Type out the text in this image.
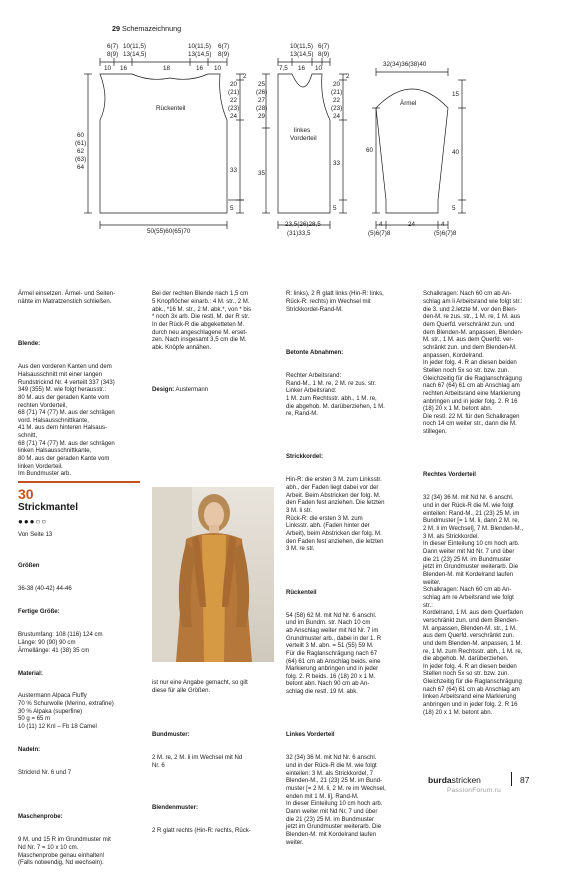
29 Schemazeichnung
6(7)
8(9)
10(11,5)
13(14,5)
10(11,5)
13(14,5)
6(7)
8(9)
10 16	18	16 10
2
20
(21)
22
(23)
24
33
5
Rückenteil
60
(61)
62
(63)
64
50(55)60(65)70
10(11,5)
13(14,5)
6(7)
8(9)
7,5 16 10
25
(26)
27
(28)
29
35
2
20
(21)
22
(23)
24
33
5
linkes
Vorderteil
23,5(26)28,5
(31)33,5
32(34)36(38)40
Ärmel
15
40
5
60
4	24	4
(5)6(7)8	(5)6(7)8

Ärmel einsetzen. Ärmel- und Seiten-
nähte im Matratzenstich schließen.

Blende:

Aus den vorderen Kanten und dem
Halsausschnitt mit einer langen
Rundstricknd Nr. 4 verteilt 337 (343)
349 (355) M. wie folgt herausstr.:
80 M. aus der geraden Kante vom
rechten Vorderteil,
68 (71) 74 (77) M. aus der schrägen
vord. Halsausschnittkante,
41 M. aus dem hinteren Halsaus-
schnitt,
68 (71) 74 (77) M. aus der schrägen
linken Halsausschnittkante,
80 M. aus der geraden Kante vom
linken Vorderteil.
Im Bundmuster arb.

Bei der rechten Blende nach 1,5 cm
5 Knopflöcher einarb.: 4 M. str., 2 M.
abk., *16 M. str., 2 M. abk.*, von * bis
* noch 3x arb. Die restl. M. der R str.
In der Rück-R die abgeketteten M.
durch neu angeschlagene M. erset-
zen. Nach insgesamt 3,5 cm die M.
abk. Knöpfe annähen.

Design: Austermann

30
Strickmantel
●●●○○
Von Seite 13

Größen

36-38 (40-42) 44-46

Fertige Größe:

Brustumfang: 108 (116) 124 cm
Länge: 90 (90) 90 cm
Ärmellänge: 41 (38) 35 cm

Material:

Austermann Alpaca Fluffy
70 % Schurwolle (Merino, extrafine)
30 % Alpaka (superfine)
50 g = 65 m
10 (11) 12 Knl – Fb 18 Camel

Nadeln:

Stricknd Nr. 6 und 7

Maschenprobe:

9 M. und 15 R im Grundmuster mit
Nd Nr. 7 = 10 x 10 cm.
Maschenprobe genau einhalten!
(Falls notwendig, Nd wechseln).

ist nur eine Angabe gemacht, so gilt
diese für alle Größen.

Bundmuster:

2 M. re, 2 M. li im Wechsel mit Nd
Nr. 6

Blendenmuster:

2 R glatt rechts (Hin-R: rechts, Rück-

R: links), 2 R glatt links (Hin-R: links,
Rück-R: rechts) im Wechsel mit
Strickkordel-Rand-M.

Betonte Abnahmen:

Rechter Arbeitsrand:
Rand-M., 1 M. re, 2 M. re zus. str.
Linker Arbeitsrand:
1 M. zum Rechtsstr. abh., 1 M. re,
die abgehob. M. darüberziehen, 1 M.
re, Rand-M.

Strickkordel:

Hin-R: die ersten 3 M. zum Linksstr.
abh., der Faden liegt dabei vor der
Arbeit. Beim Abstricken der folg. M.
den Faden fest anziehen. Die letzten
3 M. li str.
Rück-R: die ersten 3 M. zum
Linksstr. abh. (Faden hinter der
Arbeit), beim Abstricken der folg. M.
den Faden fest anziehen, die letzten
3 M. re str.

Rückenteil

54 (58) 62 M. mit Nd Nr. 6 anschl.
und im Bundm. str. Nach 10 cm
ab Anschlag weiter mit Nd Nr. 7 im
Grundmuster arb., dabei in der 1. R
verteilt 3 M. abn. = 51 (55) 59 M.
Für die Raglanschrägung nach 67
(64) 61 cm ab Anschlag beids. eine
Markierung anbringen und in jeder
folg. 2. R beids. 16 (18) 20 x 1 M.
betont abn. Nach 90 cm ab An-
schlag die restl. 19 M. abk.

Linkes Vorderteil

32 (34) 36 M. mit Nd Nr. 6 anschl.
und in der Rück-R die M. wie folgt
einteilen: 3 M. als Strickkordel, 7
Blenden-M., 21 (23) 25 M. im Bund-
muster [= 2 M. li, 2 M. re im Wechsel,
enden mit 1 M. li], Rand-M.
In dieser Einteilung 10 cm hoch arb.
Dann weiter mit Nd Nr. 7 und über
die 21 (23) 25 M. im Bundmuster
jetzt im Grundmuster weiterarb. Die
Blenden-M. mit Kordelrand laufen
weiter.

Schalkragen: Nach 60 cm ab An-
schlag am li Arbeitsrand wie folgt str.:
die 3. und 2.letzte M. vor den Blen-
den-M. re zus. str., 1 M. re, 1 M. aus
dem Querfd. verschränkt zun. und
dem Blenden-M. anpassen, Blenden-
M. str., 1 M. aus dem Querfd. ver-
schränkt zun. und dem Blenden-M.
anpassen, Kordelrand.
In jeder folg. 4. R an diesen beiden
Stellen noch 5x so str. bzw. zun.
Gleichzeitig für die Raglanschrägung
nach 67 (64) 61 cm ab Anschlag am
rechten Arbeitsrand eine Markierung
anbringen und in jeder folg. 2. R 16
(18) 20 x 1 M. betont abn.
Die restl. 22 M. für den Schalkragen
noch 14 cm weiter str., dann die M.
stillegen.

Rechtes Vorderteil

32 (34) 36 M. mit Nd Nr. 6 anschl.
und in der Rück-R die M. wie folgt
einteilen: Rand-M., 21 (23) 25 M. im
Bundmuster [= 1 M. li, dann 2 M. re,
2 M. li im Wechsel], 7 M. Blenden-M.,
3 M. als Strickkordel.
In dieser Einteilung 10 cm hoch arb.
Dann weiter mit Nd Nr. 7 und über
die 21 (23) 25 M. im Bundmuster
jetzt im Grundmuster weiterarb. Die
Blenden-M. mit Kordelrand laufen
weiter.
Schalkragen: Nach 60 cm ab An-
schlag am re Arbeitsrand wie folgt
str.:
Kordelrand, 1 M. aus dem Querfaden
verschränkt zun. und dem Blenden-
M. anpassen, Blenden-M. str., 1 M.
aus dem Querfd. verschränkt zun.
und dem Blenden-M. anpassen, 1 M.
re, 1 M. zum Rechtsstr. abh., 1 M. re,
die abgehob. M. darüberziehen.
In jeder folg. 4. R an diesen beiden
Stellen noch 5x so str. bzw. zun.
Gleichzeitig für die Raglanschrägung
nach 67 (64) 61 cm ab Anschlag am
linken Arbeitsrand eine Markierung
anbringen und in jeder folg. 2. R 16
(18) 20 x 1 M. betont abn.

burdastricken	87
PassionForum.ru
